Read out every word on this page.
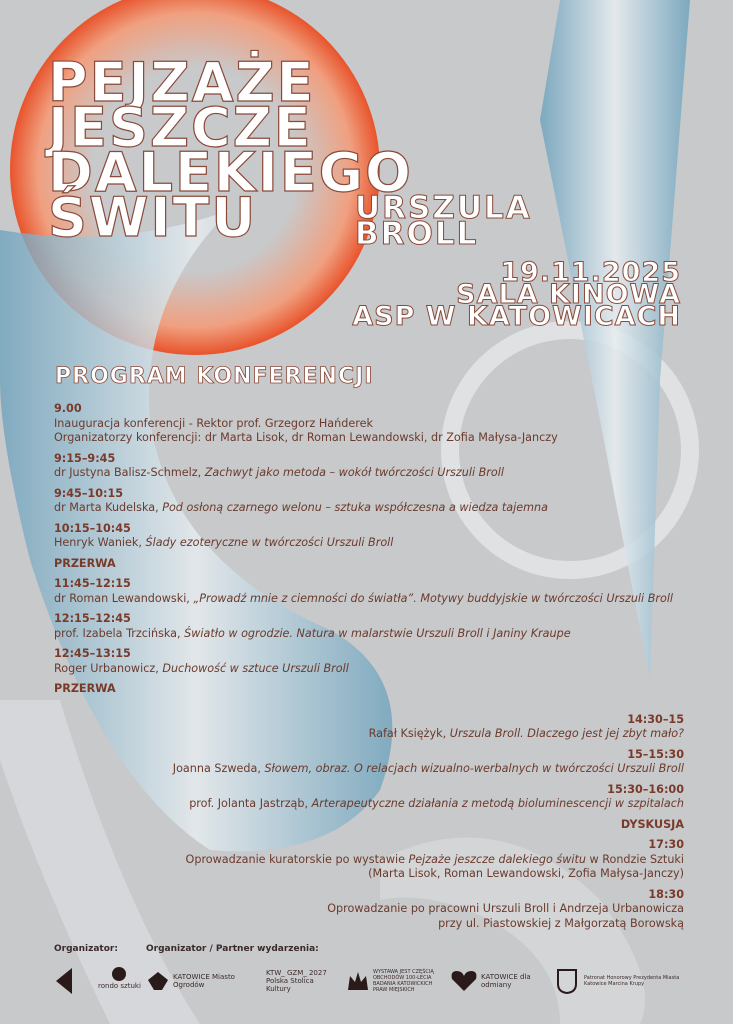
PEJZAŻE
JESZCZE
DALEKIEGO
ŚWITU	URSZULA
BROLL
19.11.2025
SALA KINOWA
ASP W KATOWICACH
PROGRAM KONFERENCJI
9.00
Inauguracja konferencji - Rektor prof. Grzegorz Hańderek
Organizatorzy konferencji: dr Marta Lisok, dr Roman Lewandowski, dr Zofia Małysa-Janczy
9:15–9:45
dr Justyna Balisz-Schmelz, Zachwyt jako metoda – wokół twórczości Urszuli Broll
9:45–10:15
dr Marta Kudelska, Pod osłoną czarnego welonu – sztuka współczesna a wiedza tajemna
10:15–10:45
Henryk Waniek, Ślady ezoteryczne w twórczości Urszuli Broll
PRZERWA
11:45–12:15
dr Roman Lewandowski, „Prowadź mnie z ciemności do światła”. Motywy buddyjskie w twórczości Urszuli Broll
12:15–12:45
prof. Izabela Trzcińska, Światło w ogrodzie. Natura w malarstwie Urszuli Broll i Janiny Kraupe
12:45–13:15
Roger Urbanowicz, Duchowość w sztuce Urszuli Broll
PRZERWA
14:30–15
Rafał Księżyk, Urszula Broll. Dlaczego jest jej zbyt mało?
15–15:30
Joanna Szweda, Słowem, obraz. O relacjach wizualno-werbalnych w twórczości Urszuli Broll
15:30–16:00
prof. Jolanta Jastrząb, Arterapeutyczne działania z metodą bioluminescencji w szpitalach
DYSKUSJA
17:30
Oprowadzanie kuratorskie po wystawie Pejzaże jeszcze dalekiego świtu w Rondzie Sztuki
(Marta Lisok, Roman Lewandowski, Zofia Małysa-Janczy)
18:30
Oprowadzanie po pracowni Urszuli Broll i Andrzeja Urbanowicza
przy ul. Piastowskiej z Małgorzatą Borowską
Organizator:	Organizator / Partner wydarzenia:
rondo sztuki
KATOWICE Miasto Ogrodów
KTW_ GZM_ 2027 Polska Stolica Kultury
WYSTAWA JEST CZĘŚCIĄ OBCHODÓW 100-LECIA BADANIA KATOWICKICH PRAW MIEJSKICH
KATOWICE dla odmiany
Patronat Honorowy Prezydenta Miasta Katowice Marcina Krupy
